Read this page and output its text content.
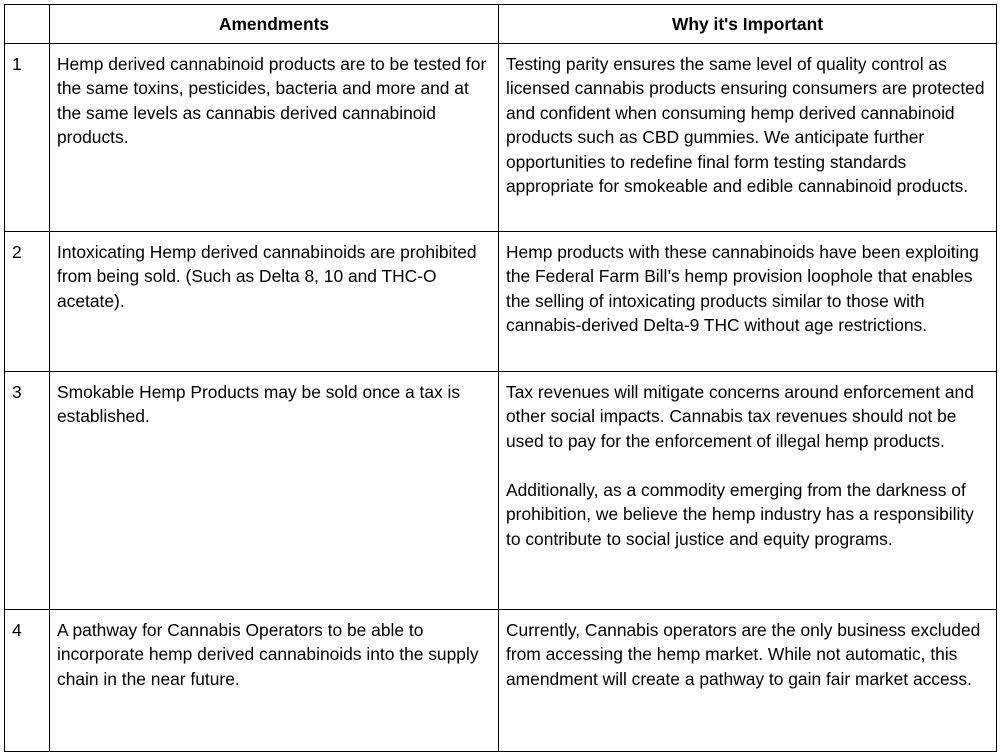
	Amendments	Why it's Important
1	Hemp derived cannabinoid products are to be tested for the same toxins, pesticides, bacteria and more and at the same levels as cannabis derived cannabinoid products.	Testing parity ensures the same level of quality control as licensed cannabis products ensuring consumers are protected and confident when consuming hemp derived cannabinoid products such as CBD gummies. We anticipate further opportunities to redefine final form testing standards appropriate for smokeable and edible cannabinoid products.

2	Intoxicating Hemp derived cannabinoids are prohibited from being sold. (Such as Delta 8, 10 and THC-O acetate).	Hemp products with these cannabinoids have been exploiting the Federal Farm Bill’s hemp provision loophole that enables the selling of intoxicating products similar to those with cannabis-derived Delta-9 THC without age restrictions.

3	Smokable Hemp Products may be sold once a tax is established.	Tax revenues will mitigate concerns around enforcement and other social impacts. Cannabis tax revenues should not be used to pay for the enforcement of illegal hemp products.

Additionally, as a commodity emerging from the darkness of prohibition, we believe the hemp industry has a responsibility to contribute to social justice and equity programs.

4	A pathway for Cannabis Operators to be able to incorporate hemp derived cannabinoids into the supply chain in the near future.	Currently, Cannabis operators are the only business excluded from accessing the hemp market. While not automatic, this amendment will create a pathway to gain fair market access.
